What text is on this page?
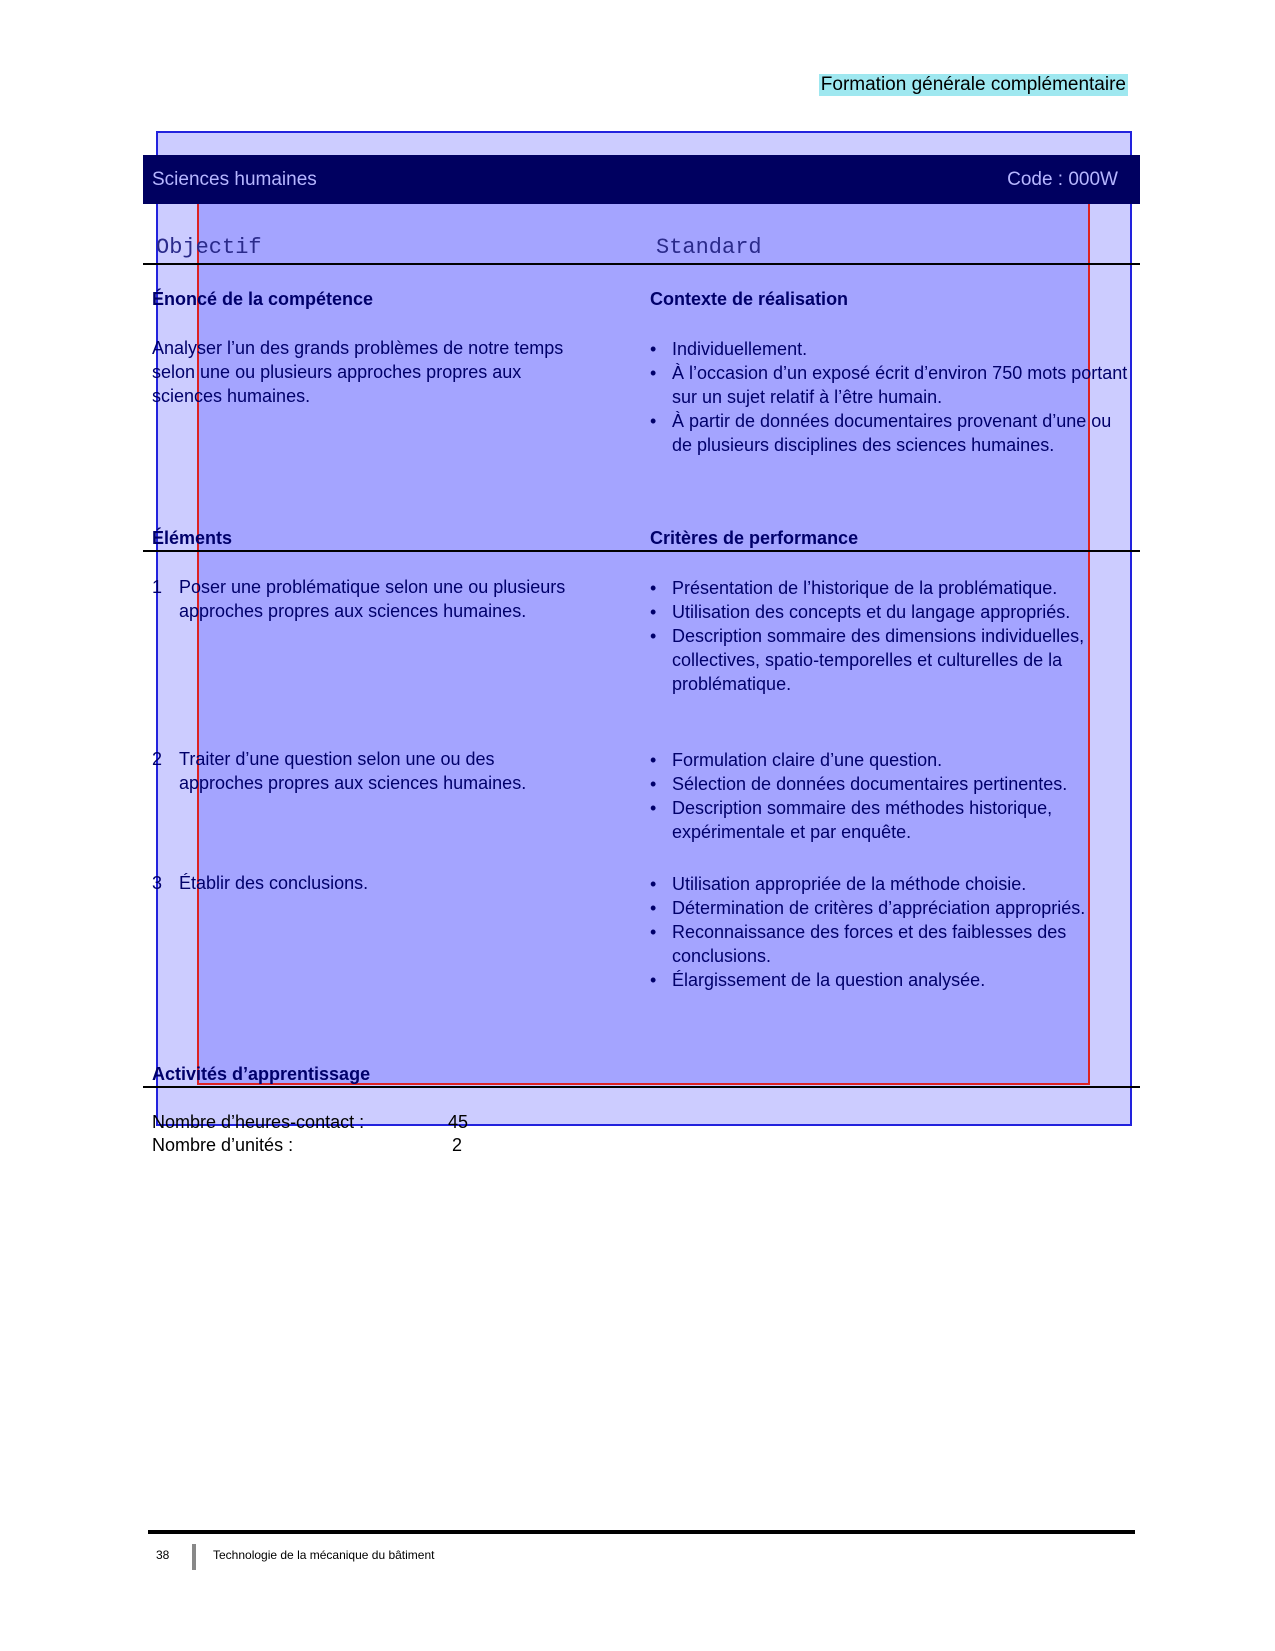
Formation générale complémentaire
Sciences humaines	Code : 000W
Objectif	Standard
Énoncé de la compétence	Contexte de réalisation
Analyser l’un des grands problèmes de notre temps
selon une ou plusieurs approches propres aux
sciences humaines.
• Individuellement.
• À l’occasion d’un exposé écrit d’environ 750 mots portant sur un sujet relatif à l’être humain.
• À partir de données documentaires provenant d’une ou de plusieurs disciplines des sciences humaines.
Éléments	Critères de performance
1 Poser une problématique selon une ou plusieurs
approches propres aux sciences humaines.
• Présentation de l’historique de la problématique.
• Utilisation des concepts et du langage appropriés.
• Description sommaire des dimensions individuelles, collectives, spatio-temporelles et culturelles de la problématique.
2 Traiter d’une question selon une ou des
approches propres aux sciences humaines.
• Formulation claire d’une question.
• Sélection de données documentaires pertinentes.
• Description sommaire des méthodes historique, expérimentale et par enquête.
3 Établir des conclusions.
•	Utilisation appropriée de la méthode choisie.
• Détermination de critères d’appréciation appropriés.
• Reconnaissance des forces et des faiblesses des conclusions.
• Élargissement de la question analysée.
Activités d’apprentissage
Nombre d’heures-contact :	45
Nombre d’unités :	2
38	Technologie de la mécanique du bâtiment
